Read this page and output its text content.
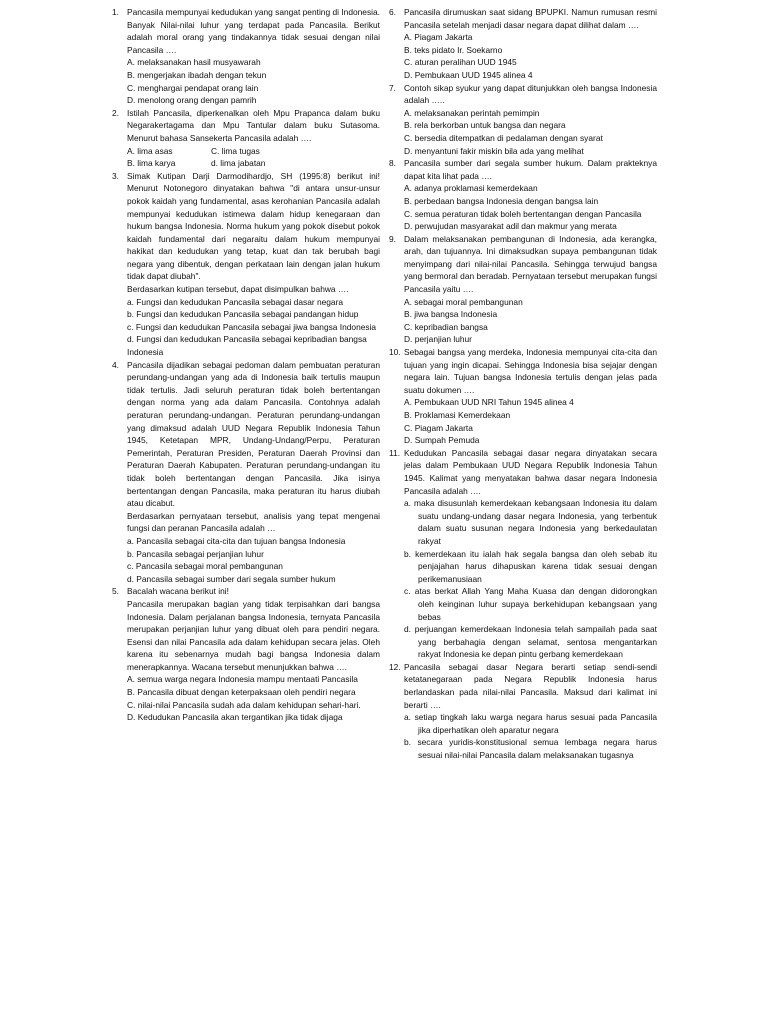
1. Pancasila mempunyai kedudukan yang sangat penting di Indonesia. Banyak Nilai-nilai luhur yang terdapat pada Pancasila. Berikut adalah moral orang yang tindakannya tidak sesuai dengan nilai Pancasila ….

A. melaksanakan hasil musyawarah
B. mengerjakan ibadah dengan tekun
C. menghargai pendapat orang lain
D. menolong orang dengan pamrih
2. Istilah Pancasila, diperkenalkan oleh Mpu Prapanca dalam buku Negarakertagama dan Mpu Tantular dalam buku Sutasoma. Menurut bahasa Sansekerta Pancasila adalah ….

A. lima asas	C. lima tugas
B. lima karya	d. lima jabatan
3. Simak Kutipan Darji Darmodihardjo, SH (1995:8) berikut ini! Menurut Notonegoro dinyatakan bahwa "di antara unsur-unsur pokok kaidah yang fundamental, asas kerohanian Pancasila adalah mempunyai kedudukan istimewa dalam hidup kenegaraan dan hukum bangsa Indonesia. Norma hukum yang pokok disebut pokok kaidah fundamental dari negaraitu dalam hukum mempunyai hakikat dan kedudukan yang tetap, kuat dan tak berubah bagi negara yang dibentuk, dengan perkataan lain dengan jalan hukum tidak dapat diubah".

Berdasarkan kutipan tersebut, dapat disimpulkan bahwa ….

a. Fungsi dan kedudukan Pancasila sebagai dasar negara
b. Fungsi dan kedudukan Pancasila sebagai pandangan hidup
c. Fungsi dan kedudukan Pancasila sebagai jiwa bangsa Indonesia
d. Fungsi dan kedudukan Pancasila sebagai kepribadian bangsa Indonesia
4. Pancasila dijadikan sebagai pedoman dalam pembuatan peraturan perundang-undangan yang ada di Indonesia baik tertulis maupun tidak tertulis. Jadi seluruh peraturan tidak boleh bertentangan dengan norma yang ada dalam Pancasila. Contohnya adalah peraturan perundang-undangan. Peraturan perundang-undangan yang dimaksud adalah UUD Negara Republik Indonesia Tahun 1945, Ketetapan MPR, Undang-Undang/Perpu, Peraturan Pemerintah, Peraturan Presiden, Peraturan Daerah Provinsi dan Peraturan Daerah Kabupaten. Peraturan perundang-undangan itu tidak boleh bertentangan dengan Pancasila. Jika isinya bertentangan dengan Pancasila, maka peraturan itu harus diubah atau dicabut.

Berdasarkan pernyataan tersebut, analisis yang tepat mengenai fungsi dan peranan Pancasila adalah …

a. Pancasila sebagai cita-cita dan tujuan bangsa Indonesia
b. Pancasila sebagai perjanjian luhur
c. Pancasila sebagai moral pembangunan
d. Pancasila sebagai sumber dari segala sumber hukum
5. Bacalah wacana berikut ini!

Pancasila merupakan bagian yang tidak terpisahkan dari bangsa Indonesia. Dalam perjalanan bangsa Indonesia, ternyata Pancasila merupakan perjanjian luhur yang dibuat oleh para pendiri negara. Esensi dan nilai Pancasila ada dalam kehidupan secara jelas. Oleh karena itu sebenarnya mudah bagi bangsa Indonesia dalam menerapkannya. Wacana tersebut menunjukkan bahwa ….

A. semua warga negara Indonesia mampu mentaati Pancasila
B. Pancasila dibuat dengan keterpaksaan oleh pendiri negara
C. nilai-nilai Pancasila sudah ada dalam kehidupan sehari-hari.
D. Kedudukan Pancasila akan tergantikan jika tidak dijaga
6. Pancasila dirumuskan saat sidang BPUPKI. Namun rumusan resmi Pancasila setelah menjadi dasar negara dapat dilihat dalam ….

A. Piagam Jakarta
B. teks pidato Ir. Soekarno
C. aturan peralihan UUD 1945
D. Pembukaan UUD 1945 alinea 4
7. Contoh sikap syukur yang dapat ditunjukkan oleh bangsa Indonesia adalah …..

A. melaksanakan perintah pemimpin
B. rela berkorban untuk bangsa dan negara
C. bersedia ditempatkan di pedalaman dengan syarat
D. menyantuni fakir miskin bila ada yang melihat
8. Pancasila sumber dari segala sumber hukum. Dalam prakteknya dapat kita lihat pada ….

A. adanya proklamasi kemerdekaan
B. perbedaan bangsa Indonesia dengan bangsa lain
C. semua peraturan tidak boleh bertentangan dengan Pancasila
D. perwujudan masyarakat adil dan makmur yang merata
9. Dalam melaksanakan pembangunan di Indonesia, ada kerangka, arah, dan tujuannya. Ini dimaksudkan supaya pembangunan tidak menyimpang dari nilai-nilai Pancasila. Sehingga terwujud bangsa yang bermoral dan beradab. Pernyataan tersebut merupakan fungsi Pancasila yaitu ….

A. sebagai moral pembangunan
B. jiwa bangsa Indonesia
C. kepribadian bangsa
D. perjanjian luhur
10. Sebagai bangsa yang merdeka, Indonesia mempunyai cita-cita dan tujuan yang ingin dicapai. Sehingga Indonesia bisa sejajar dengan negara lain. Tujuan bangsa Indonesia tertulis dengan jelas pada suatu dokumen ….

A. Pembukaan UUD NRI Tahun 1945 alinea 4
B. Proklamasi Kemerdekaan
C. Piagam Jakarta
D. Sumpah Pemuda
11. Kedudukan Pancasila sebagai dasar negara dinyatakan secara jelas dalam Pembukaan UUD Negara Republik Indonesia Tahun 1945. Kalimat yang menyatakan bahwa dasar negara Indonesia Pancasila adalah ….

a. maka disusunlah kemerdekaan kebangsaan Indonesia itu dalam suatu undang-undang dasar negara Indonesia, yang terbentuk dalam suatu susunan negara Indonesia yang berkedaulatan rakyat
b. kemerdekaan itu ialah hak segala bangsa dan oleh sebab itu penjajahan harus dihapuskan karena tidak sesuai dengan perikemanusiaan
c. atas berkat Allah Yang Maha Kuasa dan dengan didorongkan oleh keinginan luhur supaya berkehidupan kebangsaan yang bebas
d. perjuangan kemerdekaan Indonesia telah sampailah pada saat yang berbahagia dengan selamat, sentosa mengantarkan rakyat Indonesia ke depan pintu gerbang kemerdekaan
12. Pancasila sebagai dasar Negara berarti setiap sendi-sendi ketatanegaraan pada Negara Republik Indonesia harus berlandaskan pada nilai-nilai Pancasila. Maksud dari kalimat ini berarti ….

a. setiap tingkah laku warga negara harus sesuai pada Pancasila jika diperhatikan oleh aparatur negara
b. secara yuridis-konstitusional semua lembaga negara harus sesuai nilai-nilai Pancasila dalam melaksanakan tugasnya
